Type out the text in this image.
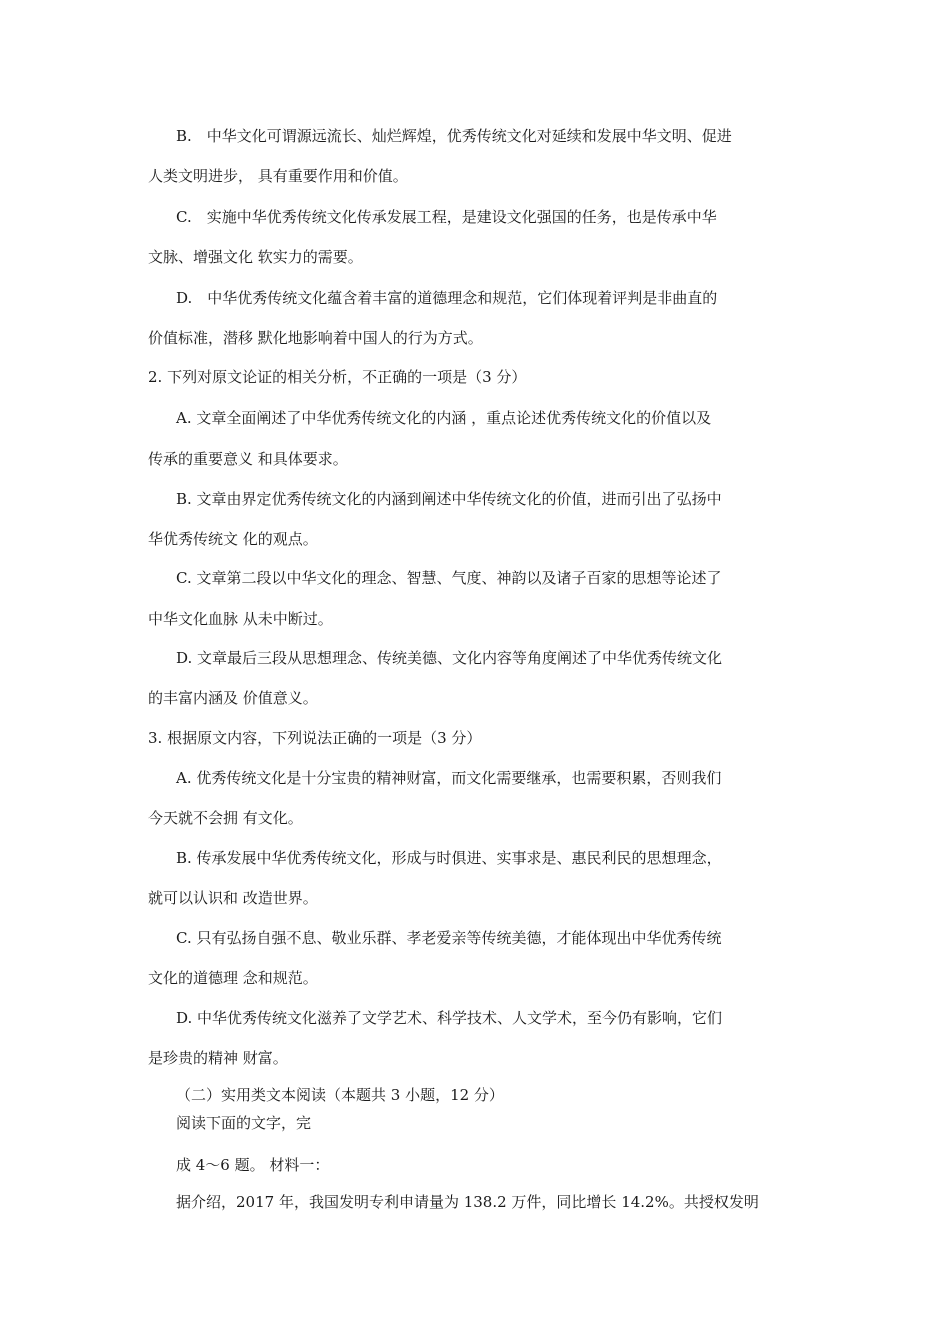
B.　中华文化可谓源远流长、灿烂辉煌，优秀传统文化对延续和发展中华文明、促进
人类文明进步， 具有重要作用和价值。
C.　实施中华优秀传统文化传承发展工程，是建设文化强国的任务，也是传承中华
文脉、增强文化 软实力的需要。
D.　中华优秀传统文化蕴含着丰富的道德理念和规范，它们体现着评判是非曲直的
价值标准，潜移 默化地影响着中国人的行为方式。
2. 下列对原文论证的相关分析，不正确的一项是（3 分）
A. 文章全面阐述了中华优秀传统文化的内涵 ，重点论述优秀传统文化的价值以及
传承的重要意义 和具体要求。
B. 文章由界定优秀传统文化的内涵到阐述中华传统文化的价值，进而引出了弘扬中
华优秀传统文 化的观点。
C. 文章第二段以中华文化的理念、智慧、气度、神韵以及诸子百家的思想等论述了
中华文化血脉 从未中断过。
D. 文章最后三段从思想理念、传统美德、文化内容等角度阐述了中华优秀传统文化
的丰富内涵及 价值意义。
3. 根据原文内容，下列说法正确的一项是（3 分）
A. 优秀传统文化是十分宝贵的精神财富，而文化需要继承，也需要积累，否则我们
今天就不会拥 有文化。
B. 传承发展中华优秀传统文化，形成与时俱进、实事求是、惠民利民的思想理念，
就可以认识和 改造世界。
C. 只有弘扬自强不息、敬业乐群、孝老爱亲等传统美德，才能体现出中华优秀传统
文化的道德理 念和规范。
D. 中华优秀传统文化滋养了文学艺术、科学技术、人文学术，至今仍有影响，它们
是珍贵的精神 财富。
（二）实用类文本阅读（本题共 3 小题，12 分）
阅读下面的文字，完
成 4～6 题。 材料一：
据介绍，2017 年，我国发明专利申请量为 138.2 万件，同比增长 14.2%。共授权发明
